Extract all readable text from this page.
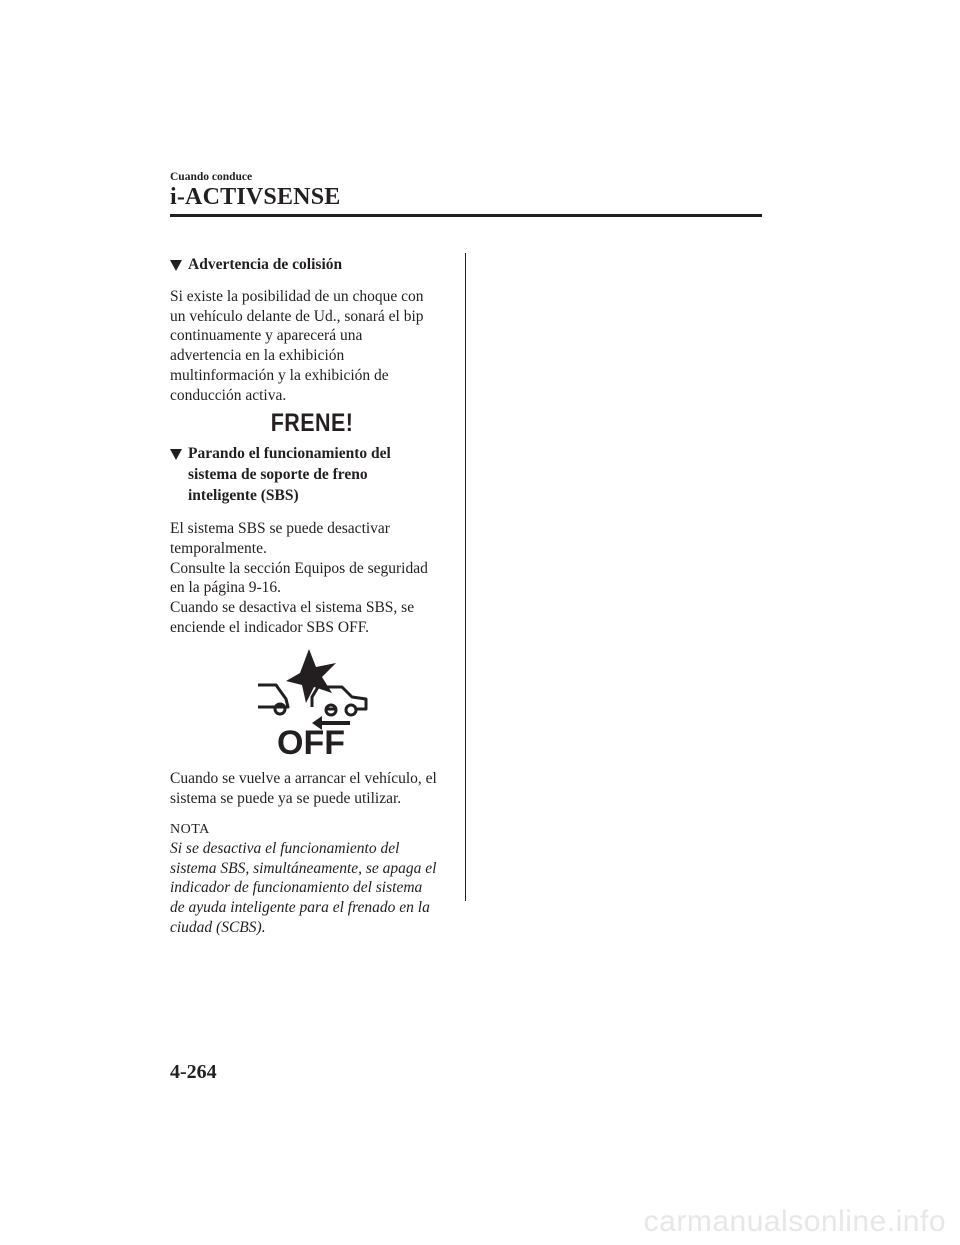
Cuando conduce
i-ACTIVSENSE
Advertencia de colisión

Si existe la posibilidad de un choque con
un vehículo delante de Ud., sonará el bip
continuamente y aparecerá una
advertencia en la exhibición
multinformación y la exhibición de
conducción activa.

FRENE!
Parando el funcionamiento del
sistema de soporte de freno
inteligente (SBS)

El sistema SBS se puede desactivar
temporalmente.
Consulte la sección Equipos de seguridad
en la página 9-16.
Cuando se desactiva el sistema SBS, se
enciende el indicador SBS OFF.

OFF

Cuando se vuelve a arrancar el vehículo, el
sistema se puede ya se puede utilizar.

NOTA

Si se desactiva el funcionamiento del
sistema SBS, simultáneamente, se apaga el
indicador de funcionamiento del sistema
de ayuda inteligente para el frenado en la
ciudad (SCBS).

4-264
carmanualsonline.info
